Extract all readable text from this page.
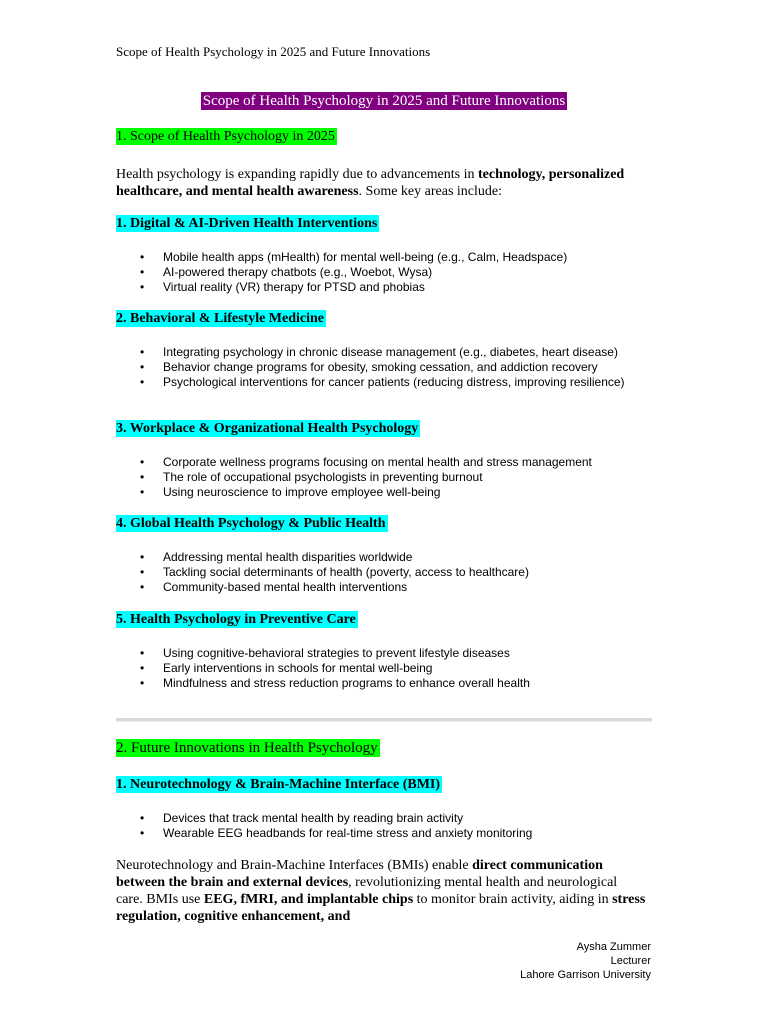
Scope of Health Psychology in 2025 and Future Innovations
Scope of Health Psychology in 2025 and Future Innovations
1. Scope of Health Psychology in 2025
Health psychology is expanding rapidly due to advancements in technology, personalized healthcare, and mental health awareness. Some key areas include:
1. Digital & AI-Driven Health Interventions
• Mobile health apps (mHealth) for mental well-being (e.g., Calm, Headspace)
• AI-powered therapy chatbots (e.g., Woebot, Wysa)
• Virtual reality (VR) therapy for PTSD and phobias
2. Behavioral & Lifestyle Medicine
• Integrating psychology in chronic disease management (e.g., diabetes, heart disease)
• Behavior change programs for obesity, smoking cessation, and addiction recovery
• Psychological interventions for cancer patients (reducing distress, improving resilience)
3. Workplace & Organizational Health Psychology
• Corporate wellness programs focusing on mental health and stress management
• The role of occupational psychologists in preventing burnout
• Using neuroscience to improve employee well-being
4. Global Health Psychology & Public Health
• Addressing mental health disparities worldwide
• Tackling social determinants of health (poverty, access to healthcare)
• Community-based mental health interventions
5. Health Psychology in Preventive Care
• Using cognitive-behavioral strategies to prevent lifestyle diseases
• Early interventions in schools for mental well-being
• Mindfulness and stress reduction programs to enhance overall health
2. Future Innovations in Health Psychology
1. Neurotechnology & Brain-Machine Interface (BMI)
• Devices that track mental health by reading brain activity
• Wearable EEG headbands for real-time stress and anxiety monitoring
Neurotechnology and Brain-Machine Interfaces (BMIs) enable direct communication between the brain and external devices, revolutionizing mental health and neurological care. BMIs use EEG, fMRI, and implantable chips to monitor brain activity, aiding in stress regulation, cognitive enhancement, and
Aysha Zummer
Lecturer
Lahore Garrison University
